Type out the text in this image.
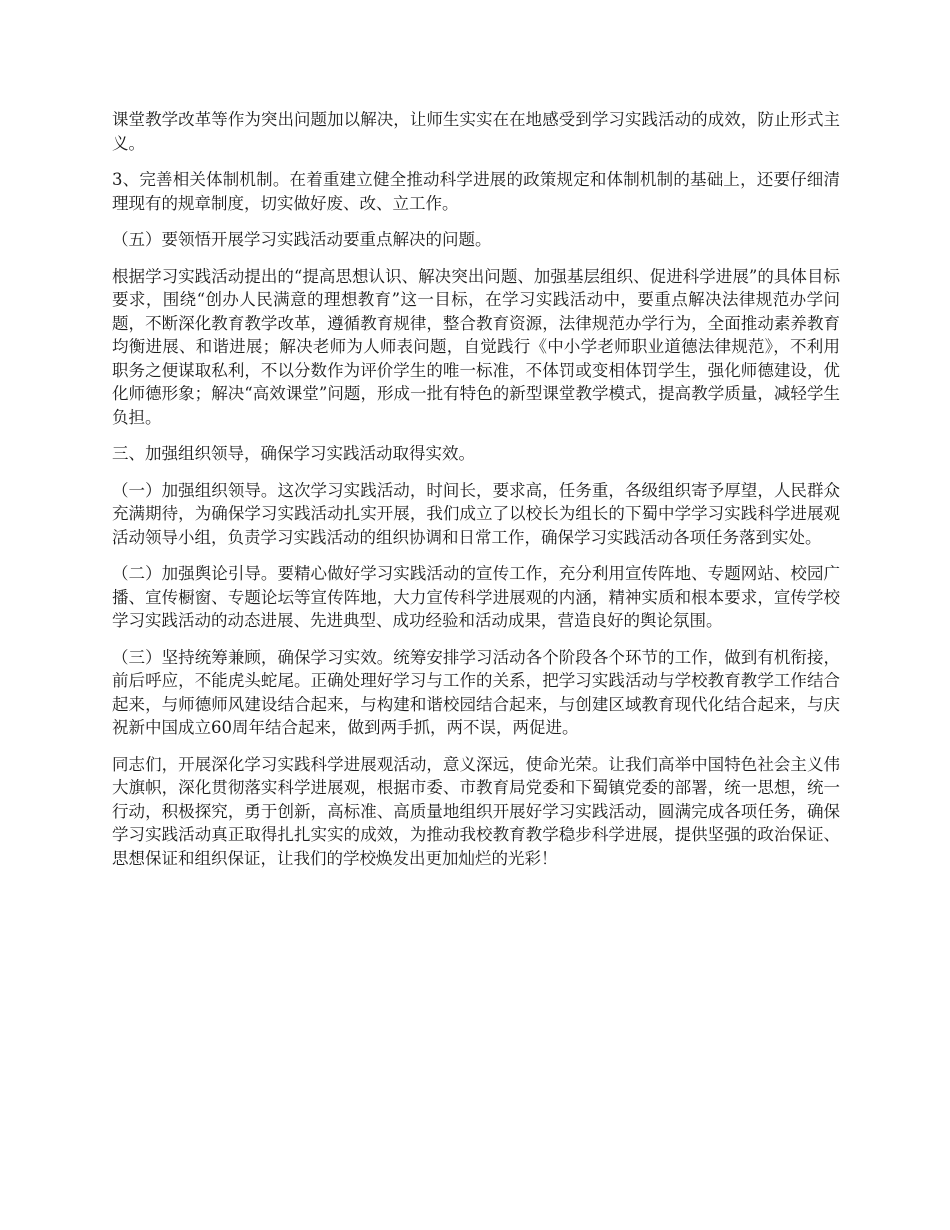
课堂教学改革等作为突出问题加以解决，让师生实实在在地感受到学习实践活动的成效，防止形式主义。

3、完善相关体制机制。在着重建立健全推动科学进展的政策规定和体制机制的基础上，还要仔细清理现有的规章制度，切实做好废、改、立工作。

（五）要领悟开展学习实践活动要重点解决的问题。

根据学习实践活动提出的“提高思想认识、解决突出问题、加强基层组织、促进科学进展”的具体目标要求，围绕“创办人民满意的理想教育”这一目标，在学习实践活动中，要重点解决法律规范办学问题，不断深化教育教学改革，遵循教育规律，整合教育资源，法律规范办学行为，全面推动素养教育均衡进展、和谐进展；解决老师为人师表问题，自觉践行《中小学老师职业道德法律规范》，不利用职务之便谋取私利，不以分数作为评价学生的唯一标准，不体罚或变相体罚学生，强化师德建设，优化师德形象；解决“高效课堂”问题，形成一批有特色的新型课堂教学模式，提高教学质量，减轻学生负担。

三、加强组织领导，确保学习实践活动取得实效。

（一）加强组织领导。这次学习实践活动，时间长，要求高，任务重，各级组织寄予厚望，人民群众充满期待，为确保学习实践活动扎实开展，我们成立了以校长为组长的下蜀中学学习实践科学进展观活动领导小组，负责学习实践活动的组织协调和日常工作，确保学习实践活动各项任务落到实处。

（二）加强舆论引导。要精心做好学习实践活动的宣传工作，充分利用宣传阵地、专题网站、校园广播、宣传橱窗、专题论坛等宣传阵地，大力宣传科学进展观的内涵，精神实质和根本要求，宣传学校学习实践活动的动态进展、先进典型、成功经验和活动成果，营造良好的舆论氛围。

（三）坚持统筹兼顾，确保学习实效。统筹安排学习活动各个阶段各个环节的工作，做到有机衔接，前后呼应，不能虎头蛇尾。正确处理好学习与工作的关系，把学习实践活动与学校教育教学工作结合起来，与师德师风建设结合起来，与构建和谐校园结合起来，与创建区域教育现代化结合起来，与庆祝新中国成立60周年结合起来，做到两手抓，两不误，两促进。

同志们，开展深化学习实践科学进展观活动，意义深远，使命光荣。让我们高举中国特色社会主义伟大旗帜，深化贯彻落实科学进展观，根据市委、市教育局党委和下蜀镇党委的部署，统一思想，统一行动，积极探究，勇于创新，高标准、高质量地组织开展好学习实践活动，圆满完成各项任务，确保学习实践活动真正取得扎扎实实的成效，为推动我校教育教学稳步科学进展，提供坚强的政治保证、思想保证和组织保证，让我们的学校焕发出更加灿烂的光彩！
